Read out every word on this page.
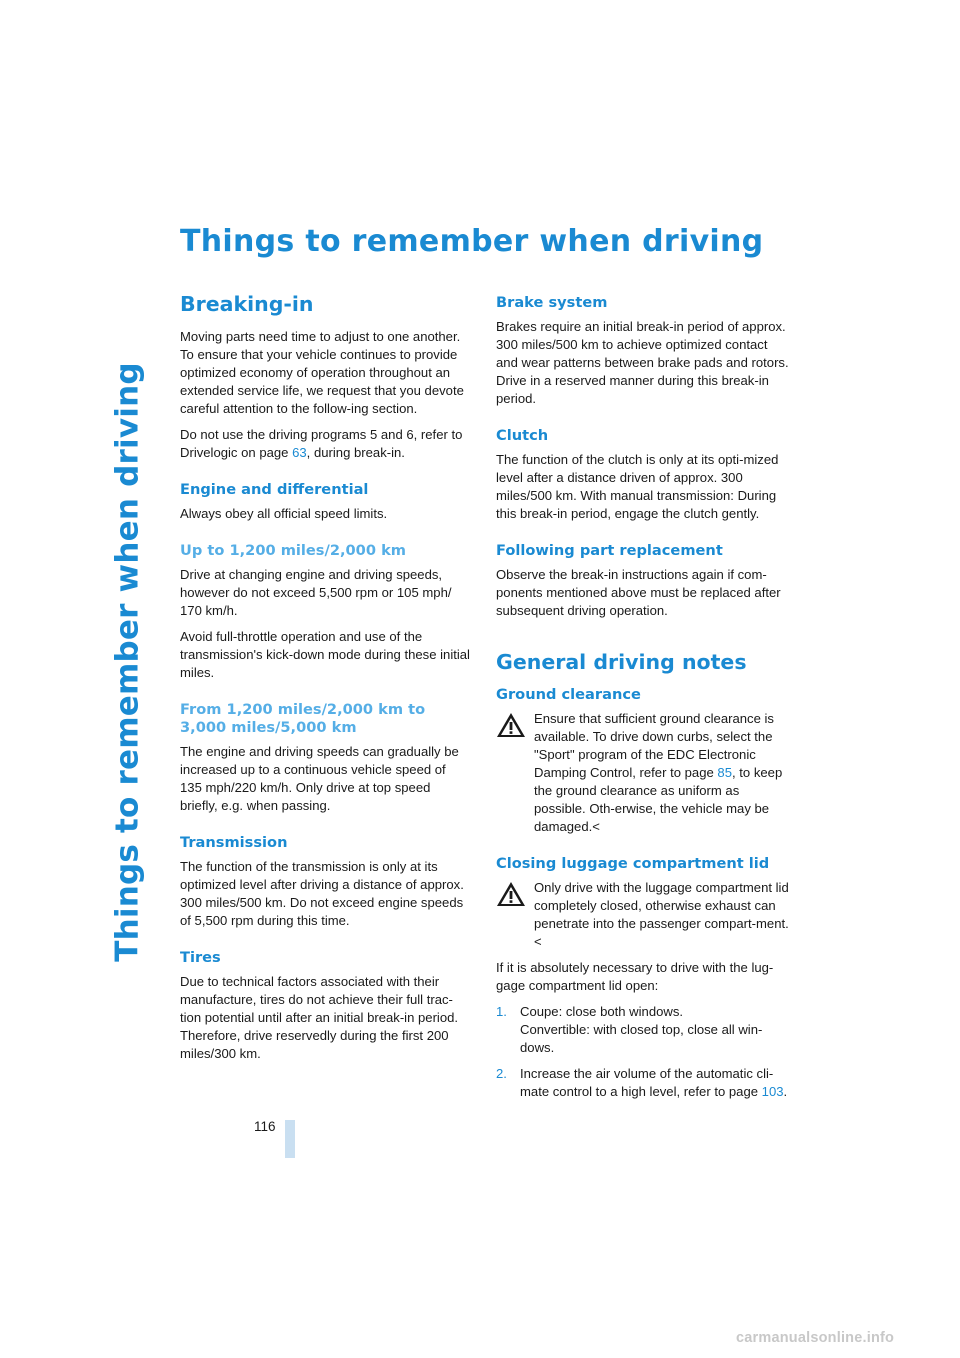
Things to remember when driving
Things to remember when driving
Breaking-in

Moving parts need time to adjust to one another. To ensure that your vehicle continues to provide optimized economy of operation throughout an extended service life, we request that you devote careful attention to the follow-ing section.

Do not use the driving programs 5 and 6, refer to Drivelogic on page 63, during break-in.

Engine and differential

Always obey all official speed limits.

Up to 1,200 miles/2,000 km

Drive at changing engine and driving speeds, however do not exceed 5,500 rpm or 105 mph/ 170 km/h.

Avoid full-throttle operation and use of the transmission's kick-down mode during these initial miles.

From 1,200 miles/2,000 km to 3,000 miles/5,000 km

The engine and driving speeds can gradually be increased up to a continuous vehicle speed of 135 mph/220 km/h. Only drive at top speed briefly, e.g. when passing.

Transmission

The function of the transmission is only at its optimized level after driving a distance of approx. 300 miles/500 km. Do not exceed engine speeds of 5,500 rpm during this time.

Tires

Due to technical factors associated with their manufacture, tires do not achieve their full trac-tion potential until after an initial break-in period. Therefore, drive reservedly during the first 200 miles/300 km.

Brake system

Brakes require an initial break-in period of approx. 300 miles/500 km to achieve optimized contact and wear patterns between brake pads and rotors. Drive in a reserved manner during this break-in period.

Clutch

The function of the clutch is only at its opti-mized level after a distance driven of approx. 300 miles/500 km. With manual transmission: During this break-in period, engage the clutch gently.

Following part replacement

Observe the break-in instructions again if com-ponents mentioned above must be replaced after subsequent driving operation.

General driving notes
Ground clearance

Ensure that sufficient ground clearance is available. To drive down curbs, select the "Sport" program of the EDC Electronic Damping Control, refer to page 85, to keep the ground clearance as uniform as possible. Oth-erwise, the vehicle may be damaged.<

Closing luggage compartment lid

Only drive with the luggage compartment lid completely closed, otherwise exhaust can penetrate into the passenger compart-ment.<

If it is absolutely necessary to drive with the lug-gage compartment lid open:

1. Coupe: close both windows.
Convertible: with closed top, close all win-dows.
2. Increase the air volume of the automatic cli-mate control to a high level, refer to page 103.
116
carmanualsonline.info
